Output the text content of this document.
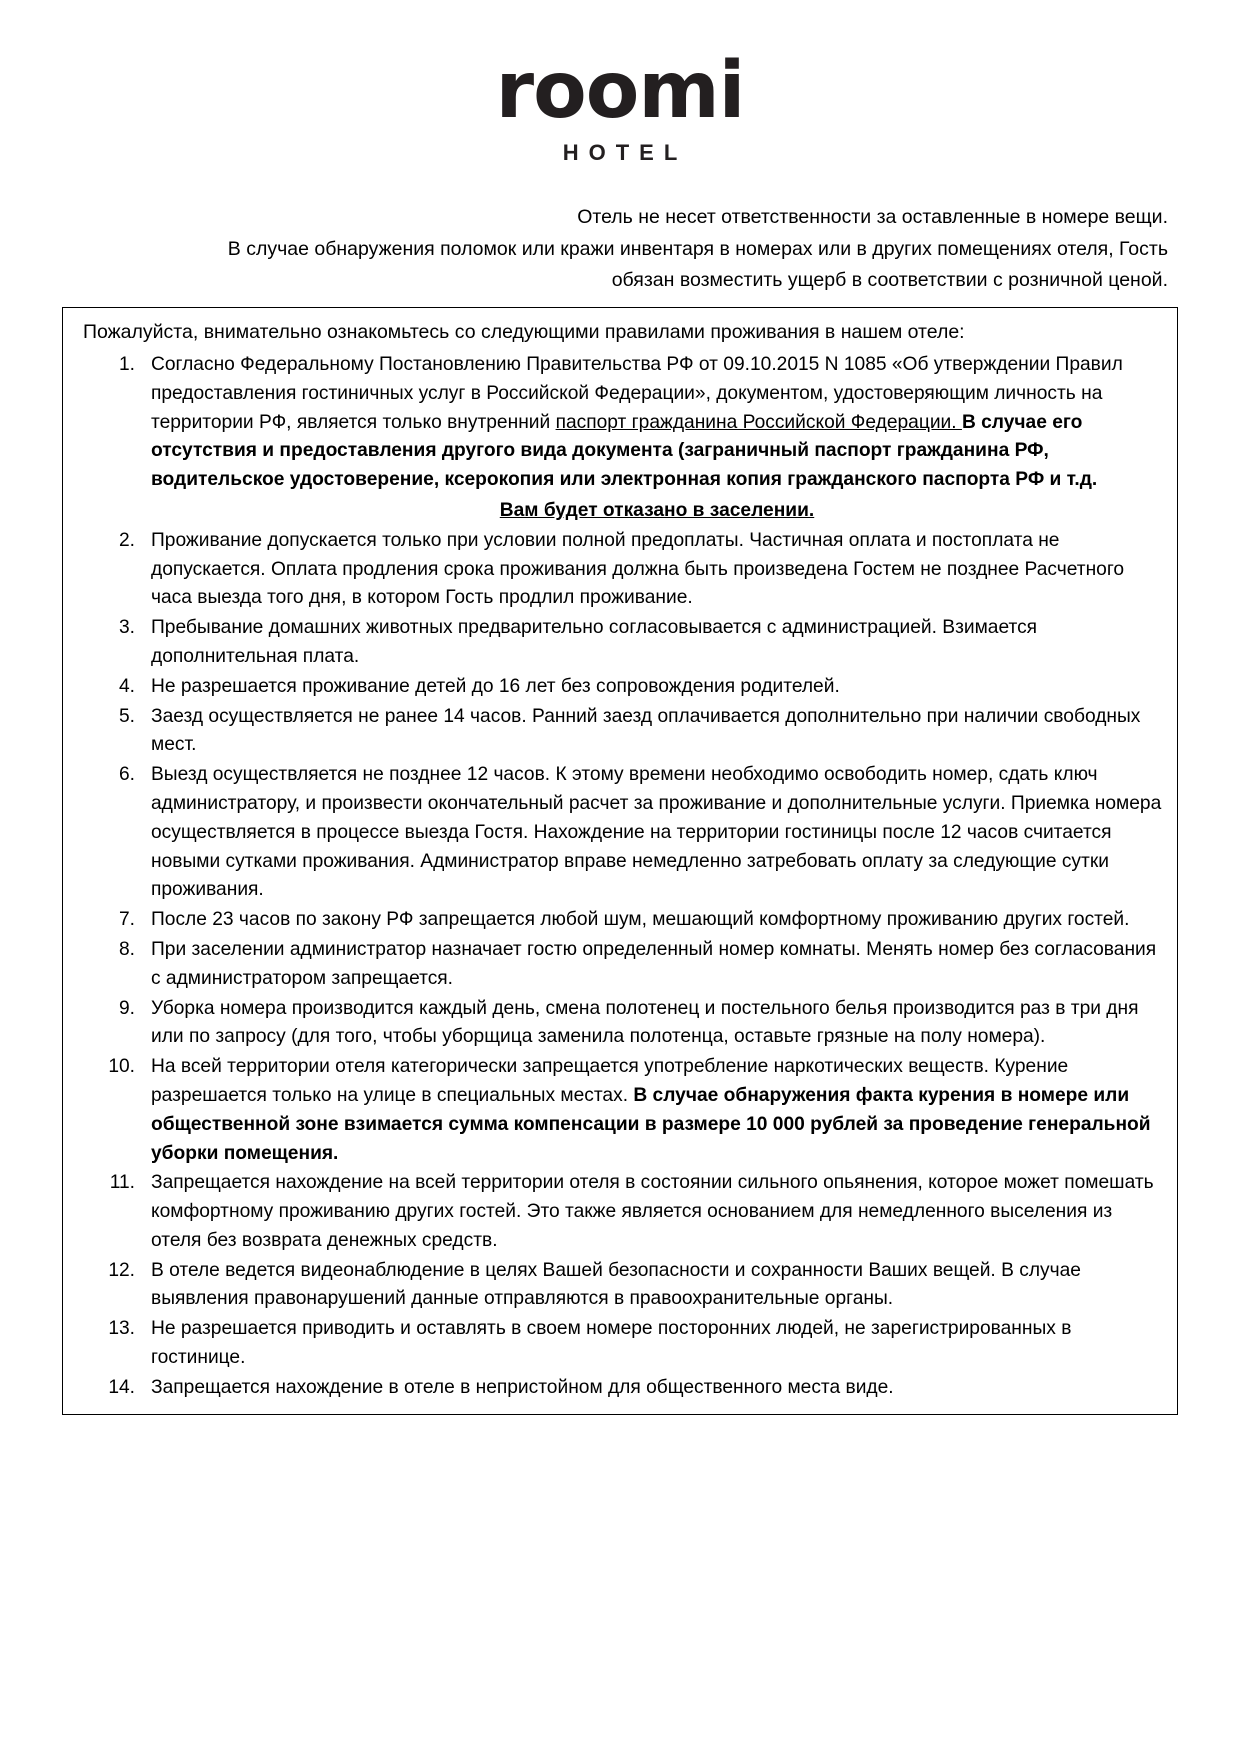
roomi
HOTEL
Отель не несет ответственности за оставленные в номере вещи.
В случае обнаружения поломок или кражи инвентаря в номерах или в других помещениях отеля, Гость
обязан возместить ущерб в соответствии с розничной ценой.
Пожалуйста, внимательно ознакомьтесь со следующими правилами проживания в нашем отеле:
1. Согласно Федеральному Постановлению Правительства РФ от 09.10.2015 N 1085 «Об утверждении Правил предоставления гостиничных услуг в Российской Федерации», документом, удостоверяющим личность на территории РФ, является только внутренний паспорт гражданина Российской Федерации. В случае его отсутствия и предоставления другого вида документа (заграничный паспорт гражданина РФ, водительское удостоверение, ксерокопия или электронная копия гражданского паспорта РФ и т.д.
Вам будет отказано в заселении.
2. Проживание допускается только при условии полной предоплаты. Частичная оплата и постоплата не допускается. Оплата продления срока проживания должна быть произведена Гостем не позднее Расчетного часа выезда того дня, в котором Гость продлил проживание.
3. Пребывание домашних животных предварительно согласовывается с администрацией. Взимается дополнительная плата.
4. Не разрешается проживание детей до 16 лет без сопровождения родителей.
5. Заезд осуществляется не ранее 14 часов. Ранний заезд оплачивается дополнительно при наличии свободных мест.
6. Выезд осуществляется не позднее 12 часов. К этому времени необходимо освободить номер, сдать ключ администратору, и произвести окончательный расчет за проживание и дополнительные услуги. Приемка номера осуществляется в процессе выезда Гостя. Нахождение на территории гостиницы после 12 часов считается новыми сутками проживания. Администратор вправе немедленно затребовать оплату за следующие сутки проживания.
7. После 23 часов по закону РФ запрещается любой шум, мешающий комфортному проживанию других гостей.
8. При заселении администратор назначает гостю определенный номер комнаты. Менять номер без согласования с администратором запрещается.
9. Уборка номера производится каждый день, смена полотенец и постельного белья производится раз в три дня или по запросу (для того, чтобы уборщица заменила полотенца, оставьте грязные на полу номера).
10. На всей территории отеля категорически запрещается употребление наркотических веществ. Курение разрешается только на улице в специальных местах. В случае обнаружения факта курения в номере или общественной зоне взимается сумма компенсации в размере 10 000 рублей за проведение генеральной уборки помещения.
11. Запрещается нахождение на всей территории отеля в состоянии сильного опьянения, которое может помешать комфортному проживанию других гостей. Это также является основанием для немедленного выселения из отеля без возврата денежных средств.
12. В отеле ведется видеонаблюдение в целях Вашей безопасности и сохранности Ваших вещей. В случае выявления правонарушений данные отправляются в правоохранительные органы.
13. Не разрешается приводить и оставлять в своем номере посторонних людей, не зарегистрированных в гостинице.
14. Запрещается нахождение в отеле в непристойном для общественного места виде.
